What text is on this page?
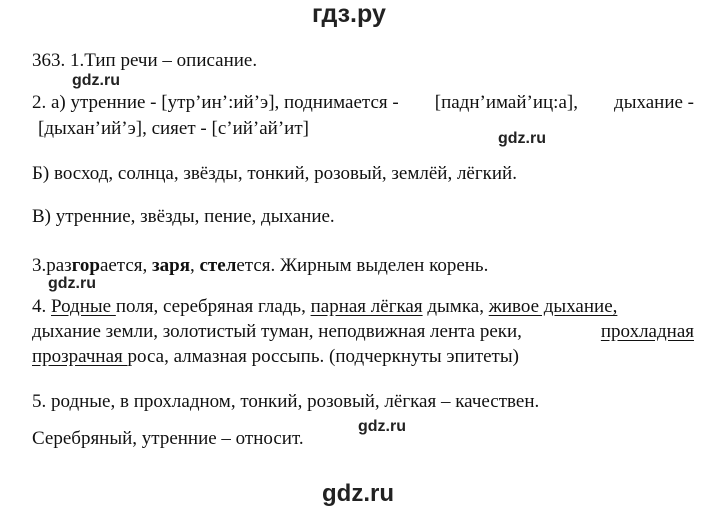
гдз.ру
363. 1.Тип речи – описание.
gdz.ru
2. а) утренние - [утр’ин’:ий’э], поднимается - [падн’имай’иц:а], дыхание -
[дыхан’ий’э], сияет - [с’ий’ай’ит]	gdz.ru
Б) восход, солнца, звёзды, тонкий, розовый, землёй, лёгкий.
В) утренние, звёзды, пение, дыхание.
3.разгорается, заря, стелется. Жирным выделен корень.
gdz.ru
4. Родные поля, серебряная гладь, парная лёгкая дымка, живое дыхание,
дыхание земли, золотистый туман, неподвижная лента реки,	прохладная
прозрачная роса, алмазная россыпь. (подчеркнуты эпитеты)
5. родные, в прохладном, тонкий, розовый, лёгкая – качествен.
gdz.ru
Серебряный, утренние – относит.
gdz.ru
